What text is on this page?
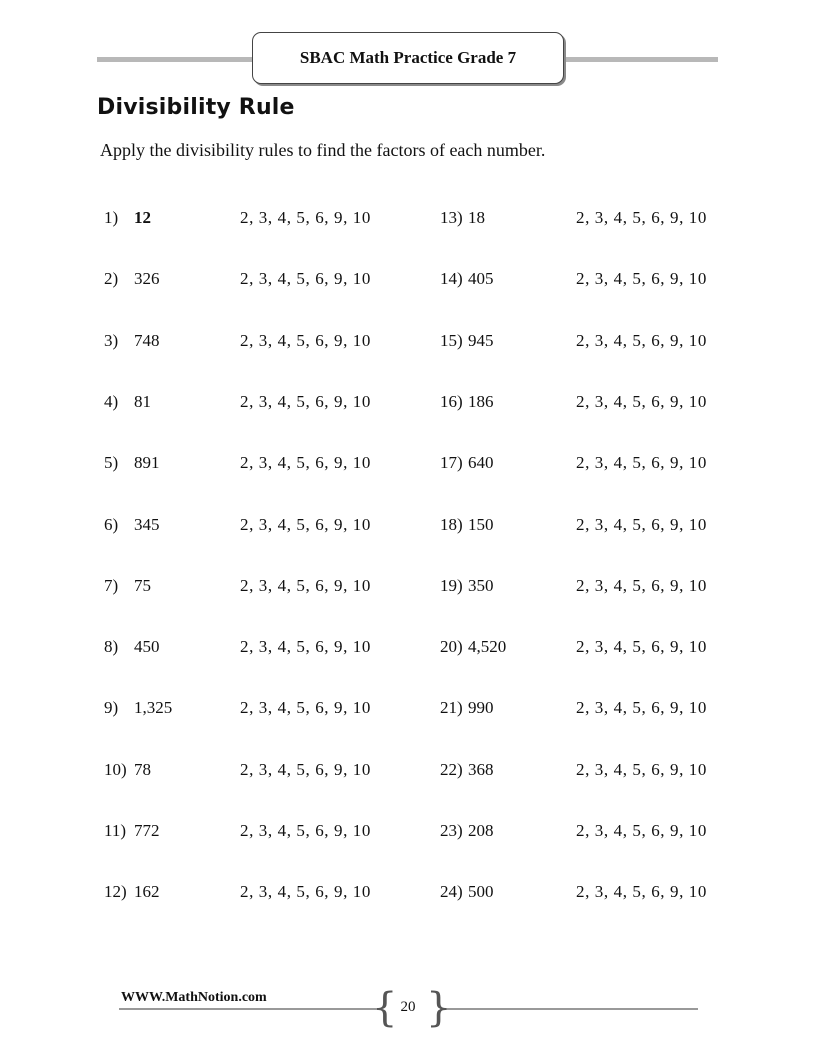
SBAC Math Practice Grade 7
Divisibility Rule
Apply the divisibility rules to find the factors of each number.
1) 12	2, 3, 4, 5, 6, 9, 10
2) 326	2, 3, 4, 5, 6, 9, 10
3) 748	2, 3, 4, 5, 6, 9, 10
4) 81	2, 3, 4, 5, 6, 9, 10
5) 891	2, 3, 4, 5, 6, 9, 10
6) 345	2, 3, 4, 5, 6, 9, 10
7) 75	2, 3, 4, 5, 6, 9, 10
8) 450	2, 3, 4, 5, 6, 9, 10
9) 1,325	2, 3, 4, 5, 6, 9, 10
10) 78	2, 3, 4, 5, 6, 9, 10
11) 772	2, 3, 4, 5, 6, 9, 10
12) 162	2, 3, 4, 5, 6, 9, 10
13) 18	2, 3, 4, 5, 6, 9, 10
14) 405	2, 3, 4, 5, 6, 9, 10
15) 945	2, 3, 4, 5, 6, 9, 10
16) 186	2, 3, 4, 5, 6, 9, 10
17) 640	2, 3, 4, 5, 6, 9, 10
18) 150	2, 3, 4, 5, 6, 9, 10
19) 350	2, 3, 4, 5, 6, 9, 10
20) 4,520	2, 3, 4, 5, 6, 9, 10
21) 990	2, 3, 4, 5, 6, 9, 10
22) 368	2, 3, 4, 5, 6, 9, 10
23) 208	2, 3, 4, 5, 6, 9, 10
24) 500	2, 3, 4, 5, 6, 9, 10
WWW.MathNotion.com	{ }
20
